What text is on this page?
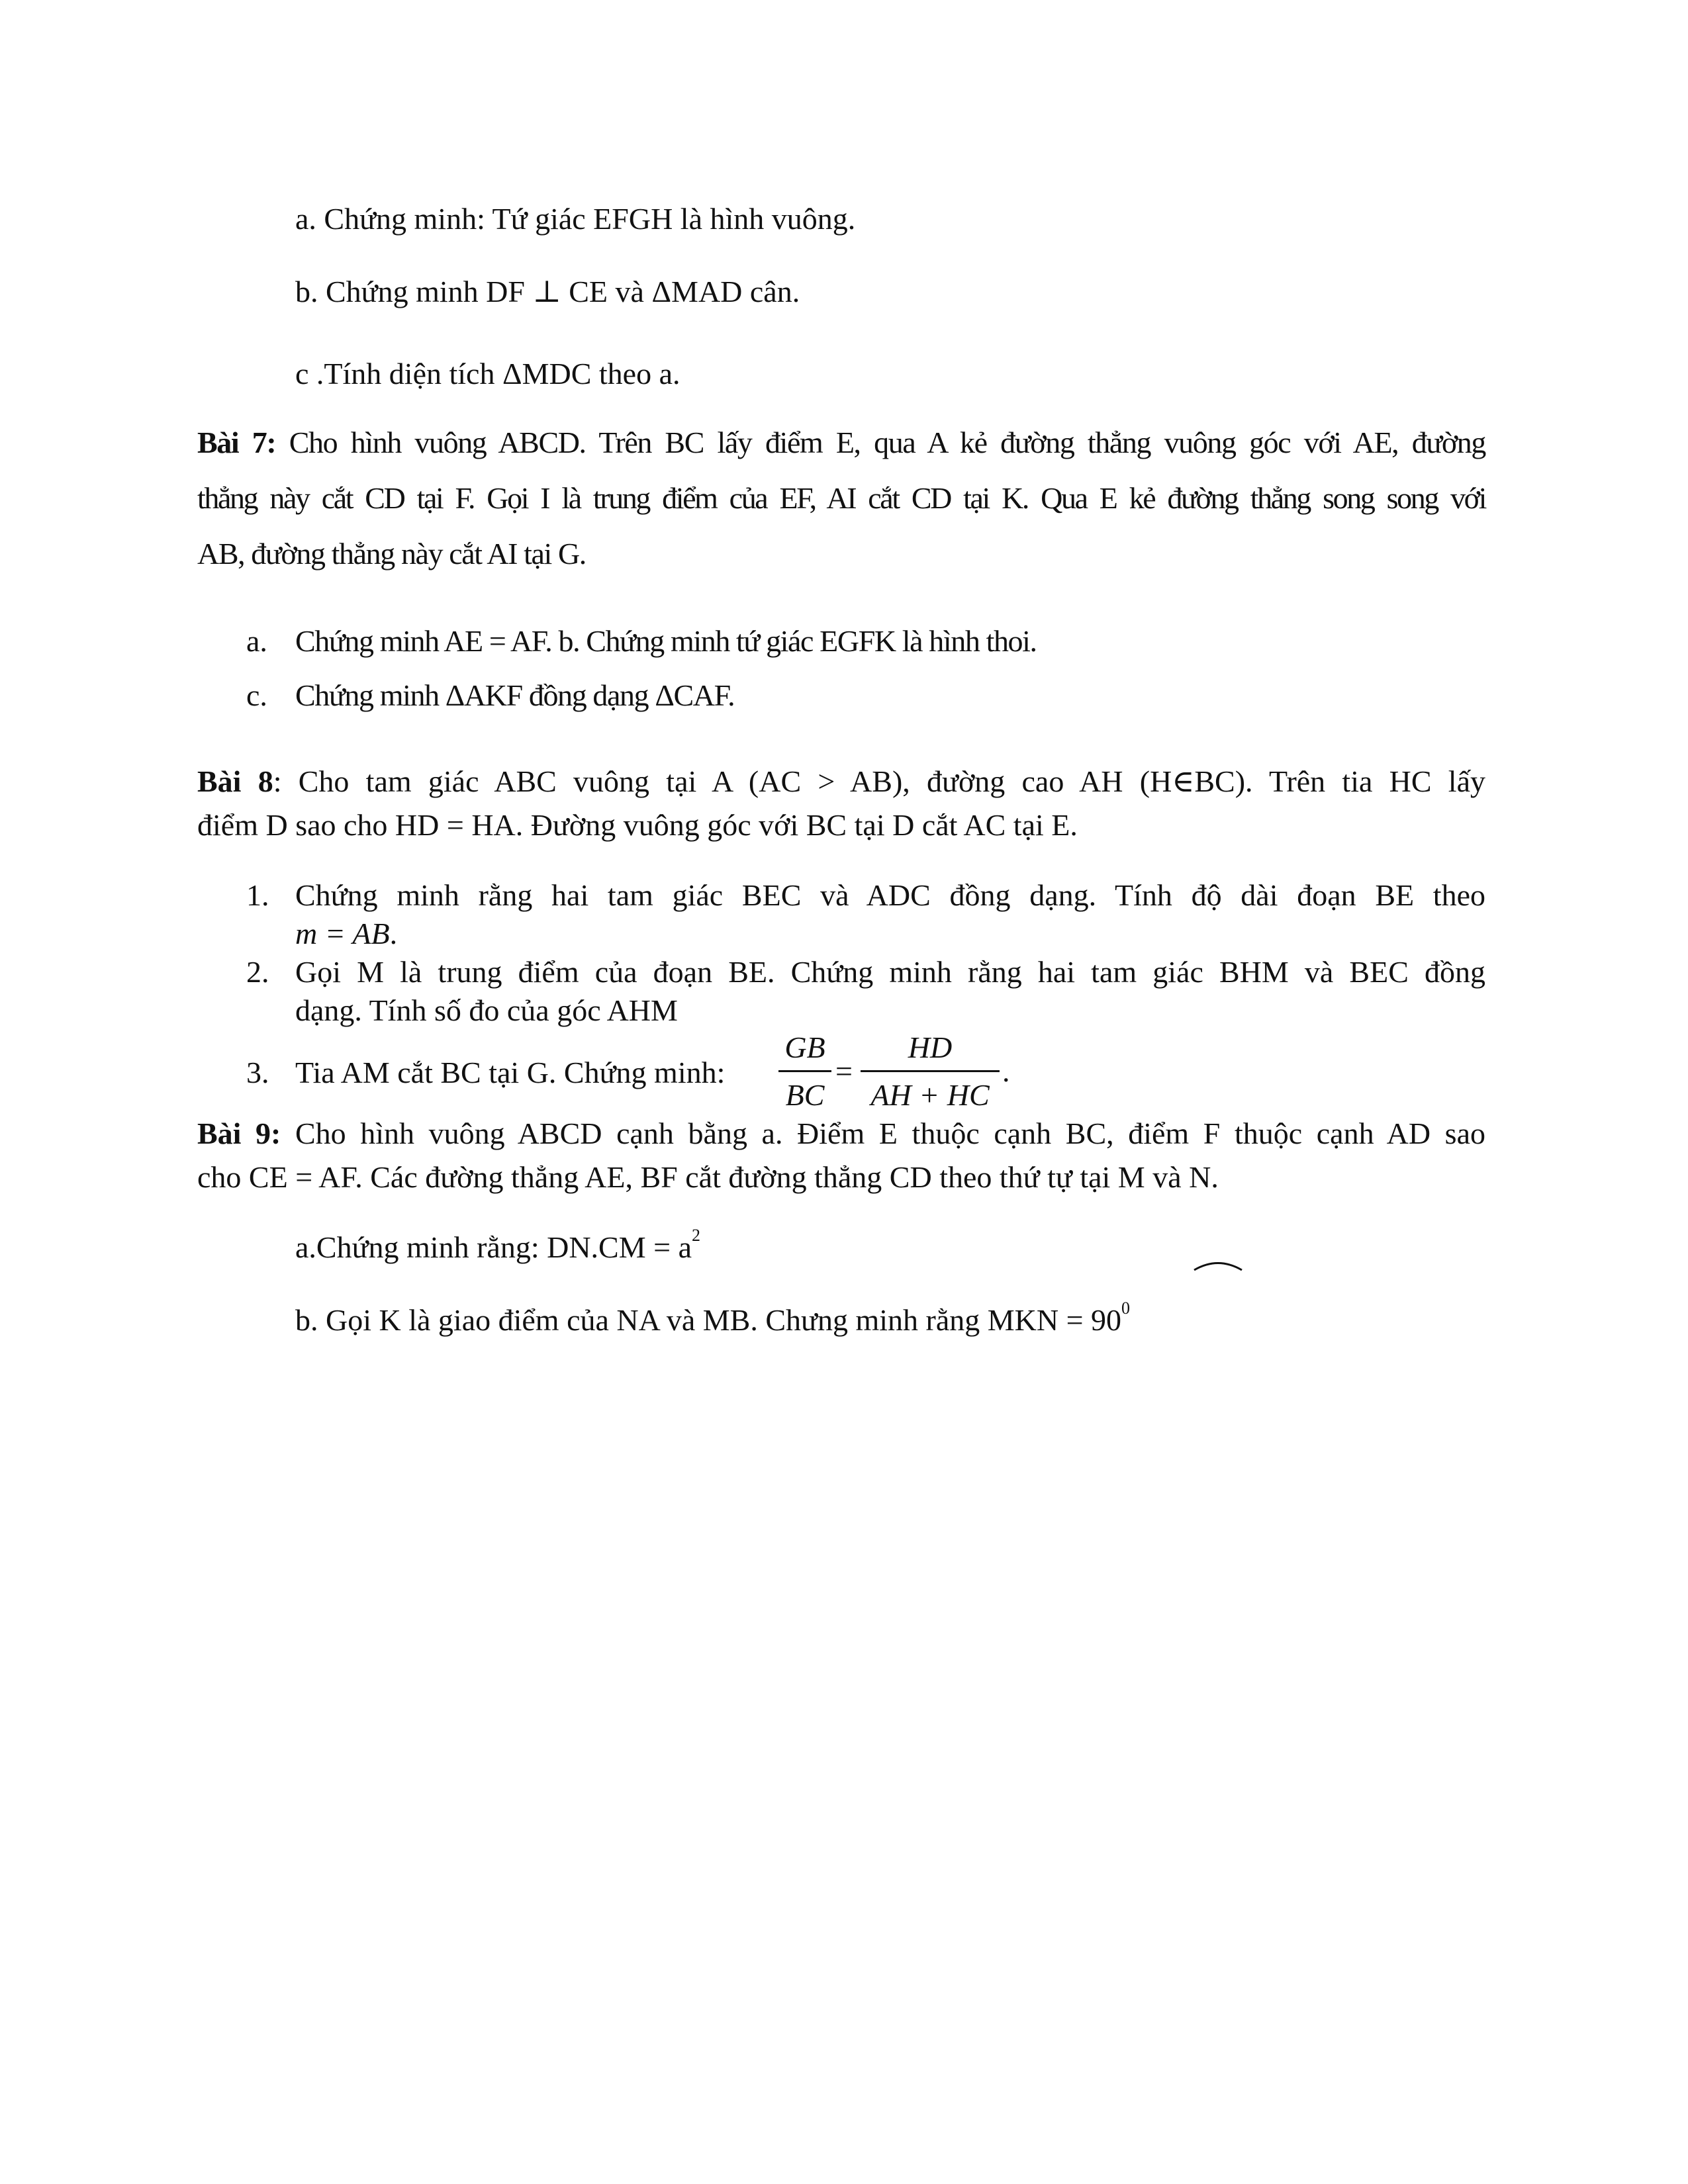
a. Chứng minh: Tứ giác EFGH là hình vuông.
b. Chứng minh DF ⊥ CE và ΔMAD cân.
c .Tính diện tích ΔMDC theo a.
Bài 7: Cho hình vuông ABCD. Trên BC lấy điểm E, qua A kẻ đường thẳng vuông góc với AE, đường
thẳng này cắt CD tại F. Gọi I là trung điểm của EF, AI cắt CD tại K. Qua E kẻ đường thẳng song song với
AB, đường thẳng này cắt AI tại G.
a. Chứng minh AE = AF. b. Chứng minh tứ giác EGFK là hình thoi.
c. Chứng minh ΔAKF đồng dạng ΔCAF.
Bài 8: Cho tam giác ABC vuông tại A (AC > AB), đường cao AH (H∈BC). Trên tia HC lấy
điểm D sao cho HD = HA. Đường vuông góc với BC tại D cắt AC tại E.
1. Chứng minh rằng hai tam giác BEC và ADC đồng dạng. Tính độ dài đoạn BE theo
m = AB.
2. Gọi M là trung điểm của đoạn BE. Chứng minh rằng hai tam giác BHM và BEC đồng
dạng. Tính số đo của góc AHM
3. Tia AM cắt BC tại G. Chứng minh:
GB
BC
=
HD
AH + HC
.
Bài 9: Cho hình vuông ABCD cạnh bằng a. Điểm E thuộc cạnh BC, điểm F thuộc cạnh AD sao
cho CE = AF. Các đường thẳng AE, BF cắt đường thẳng CD theo thứ tự tại M và N.
a.Chứng minh rằng: $DN.CM = a^2$
b. Gọi K là giao điểm của NA và MB. Chưng minh rằng MKN = $90^0$
